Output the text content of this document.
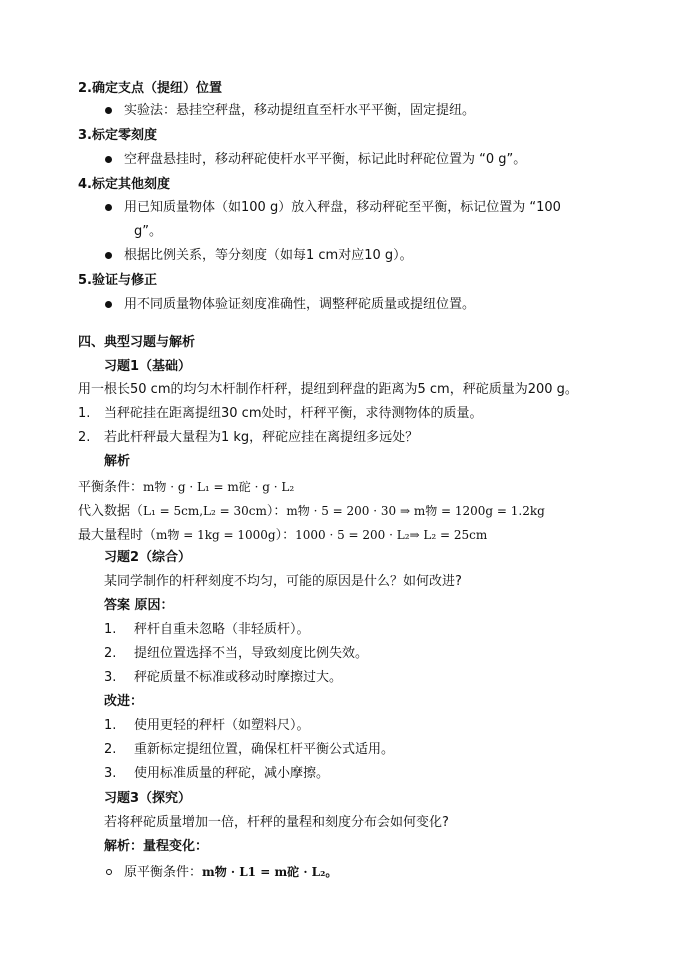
2.确定支点（提纽）位置
实验法：悬挂空秤盘，移动提纽直至杆水平平衡，固定提纽。
3.标定零刻度
空秤盘悬挂时，移动秤砣使杆水平平衡，标记此时秤砣位置为 “0 g”。
4.标定其他刻度
用已知质量物体（如100 g）放入秤盘，移动秤砣至平衡，标记位置为 “100
g”。
根据比例关系，等分刻度（如每1 cm对应10 g）。
5.验证与修正
用不同质量物体验证刻度准确性，调整秤砣质量或提纽位置。
四、典型习题与解析
习题1（基础）
用一根长50 cm的均匀木杆制作杆秤，提纽到秤盘的距离为5 cm，秤砣质量为200 g。
1. 当秤砣挂在距离提纽30 cm处时，杆秤平衡，求待测物体的质量。
2. 若此杆秤最大量程为1 kg，秤砣应挂在离提纽多远处？
解析
平衡条件：m物 · g · L₁ = m砣 · g · L₂
代入数据（L₁ = 5cm,L₂ = 30cm）：m物 · 5 = 200 · 30 ⇒ m物 = 1200g = 1.2kg
最大量程时（m物 = 1kg = 1000g）：1000 · 5 = 200 · L₂⇒ L₂ = 25cm
习题2（综合）
某同学制作的杆秤刻度不均匀，可能的原因是什么？如何改进?
答案 原因：
1. 秤杆自重未忽略（非轻质杆）。
2. 提纽位置选择不当，导致刻度比例失效。
3. 秤砣质量不标准或移动时摩擦过大。
改进：
1. 使用更轻的秤杆（如塑料尺）。
2. 重新标定提纽位置，确保杠杆平衡公式适用。
3. 使用标准质量的秤砣，减小摩擦。
习题3（探究）
若将秤砣质量增加一倍，杆秤的量程和刻度分布会如何变化?
解析：量程变化：
原平衡条件：m物 · L1 = m砣 · L₂。
